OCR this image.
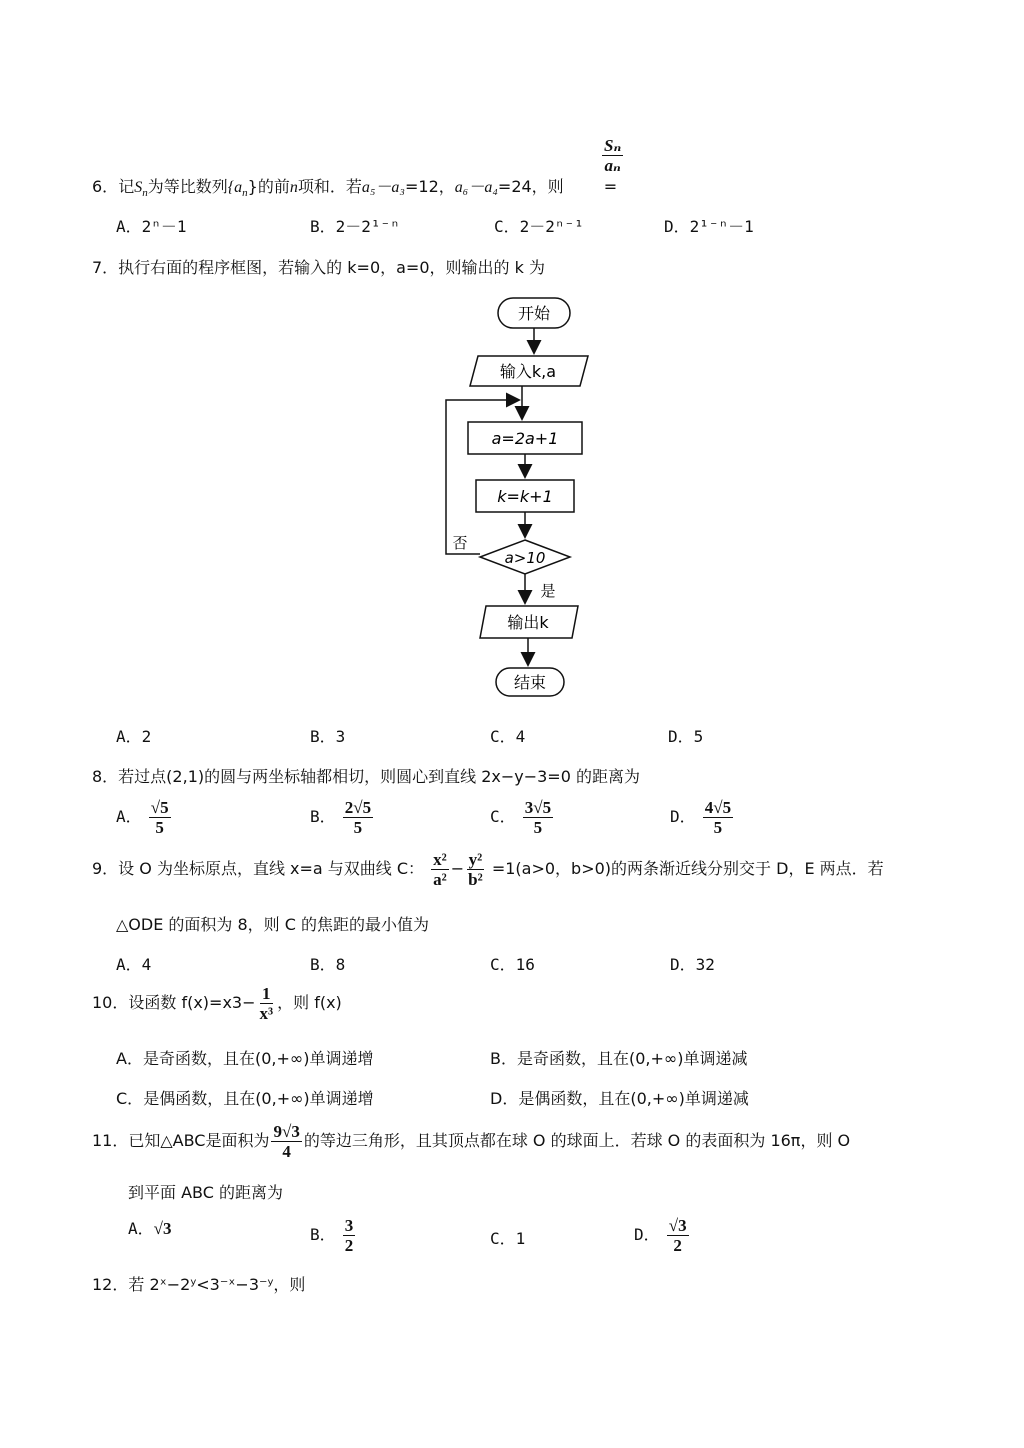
$\frac{\text{Sₙ}}{\text{aₙ}}$
6．记$S_n$为等比数列$\{a_n\}$的前n项和．若a₅－a₃=12，a₆－a₄=24，则	=
A．2ⁿ－1	B．2－2¹⁻ⁿ	C．2－2ⁿ⁻¹	D．2¹⁻ⁿ－1
7．执行右面的程序框图，若输入的 k=0，a=0，则输出的 k 为
开始
输入k,a
a=2a+1
k=k+1
a>10
否
是
输出k
结束
A．2	B．3	C．4	D．5
8．若过点(2,1)的圆与两坐标轴都相切，则圆心到直线 2x−y−3=0 的距离为
A． $\frac{√5}{5}$	B． $\frac{2√5}{5}$	C． $\frac{3√5}{5}$	D． $\frac{4√5}{5}$
9．设 O 为坐标原点，直线 x=a 与双曲线 C： $\frac{\text{x²}}{\text{a²}} - \frac{\text{y²}}{\text{b²}} =1(a>0$，b>0)的两条渐近线分别交于 D，E 两点．若
△ODE 的面积为 8，则 C 的焦距的最小值为
A．4	B．8	C．16	D．32
10．设函数 $f(x)=x3- \frac{1}{\text{x³}}$ ，则 f(x)
A．是奇函数，且在(0,+∞)单调递增	B．是奇函数，且在(0,+∞)单调递减
C．是偶函数，且在(0,+∞)单调递增	D．是偶函数，且在(0,+∞)单调递减
11．已知△ABC是面积为 $\frac{9√3}{4}$ 的等边三角形，且其顶点都在球 O 的球面上．若球 O 的表面积为 16π，则 O
到平面 ABC 的距离为
A．√3	B． $\frac{3}{2}$	C．1	D． $\frac{√3}{2}$
12．若 2ˣ−2ʸ<3⁻ˣ−3⁻ʸ，则
